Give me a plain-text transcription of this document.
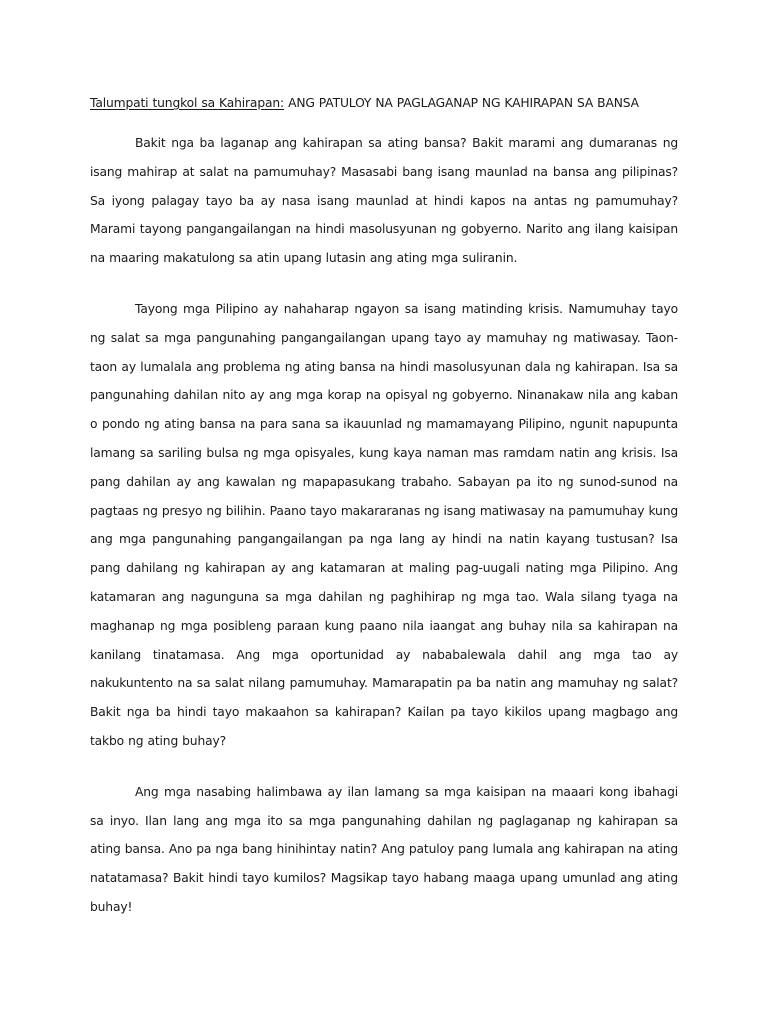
Talumpati tungkol sa Kahirapan: ANG PATULOY NA PAGLAGANAP NG KAHIRAPAN SA BANSA

Bakit nga ba laganap ang kahirapan sa ating bansa? Bakit marami ang dumaranas ng isang mahirap at salat na pamumuhay? Masasabi bang isang maunlad na bansa ang pilipinas? Sa iyong palagay tayo ba ay nasa isang maunlad at hindi kapos na antas ng pamumuhay? Marami tayong pangangailangan na hindi masolusyunan ng gobyerno. Narito ang ilang kaisipan na maaring makatulong sa atin upang lutasin ang ating mga suliranin.

Tayong mga Pilipino ay nahaharap ngayon sa isang matinding krisis. Namumuhay tayo ng salat sa mga pangunahing pangangailangan upang tayo ay mamuhay ng matiwasay. Taon-taon ay lumalala ang problema ng ating bansa na hindi masolusyunan dala ng kahirapan. Isa sa pangunahing dahilan nito ay ang mga korap na opisyal ng gobyerno. Ninanakaw nila ang kaban o pondo ng ating bansa na para sana sa ikauunlad ng mamamayang Pilipino, ngunit napupunta lamang sa sariling bulsa ng mga opisyales, kung kaya naman mas ramdam natin ang krisis. Isa pang dahilan ay ang kawalan ng mapapasukang trabaho. Sabayan pa ito ng sunod-sunod na pagtaas ng presyo ng bilihin. Paano tayo makararanas ng isang matiwasay na pamumuhay kung ang mga pangunahing pangangailangan pa nga lang ay hindi na natin kayang tustusan? Isa pang dahilang ng kahirapan ay ang katamaran at maling pag-uugali nating mga Pilipino. Ang katamaran ang nagunguna sa mga dahilan ng paghihirap ng mga tao. Wala silang tyaga na maghanap ng mga posibleng paraan kung paano nila iaangat ang buhay nila sa kahirapan na kanilang tinatamasa. Ang mga oportunidad ay nababalewala dahil ang mga tao ay nakukuntento na sa salat nilang pamumuhay. Mamarapatin pa ba natin ang mamuhay ng salat? Bakit nga ba hindi tayo makaahon sa kahirapan? Kailan pa tayo kikilos upang magbago ang takbo ng ating buhay?

Ang mga nasabing halimbawa ay ilan lamang sa mga kaisipan na maaari kong ibahagi sa inyo. Ilan lang ang mga ito sa mga pangunahing dahilan ng paglaganap ng kahirapan sa ating bansa. Ano pa nga bang hinihintay natin? Ang patuloy pang lumala ang kahirapan na ating natatamasa? Bakit hindi tayo kumilos? Magsikap tayo habang maaga upang umunlad ang ating buhay!
